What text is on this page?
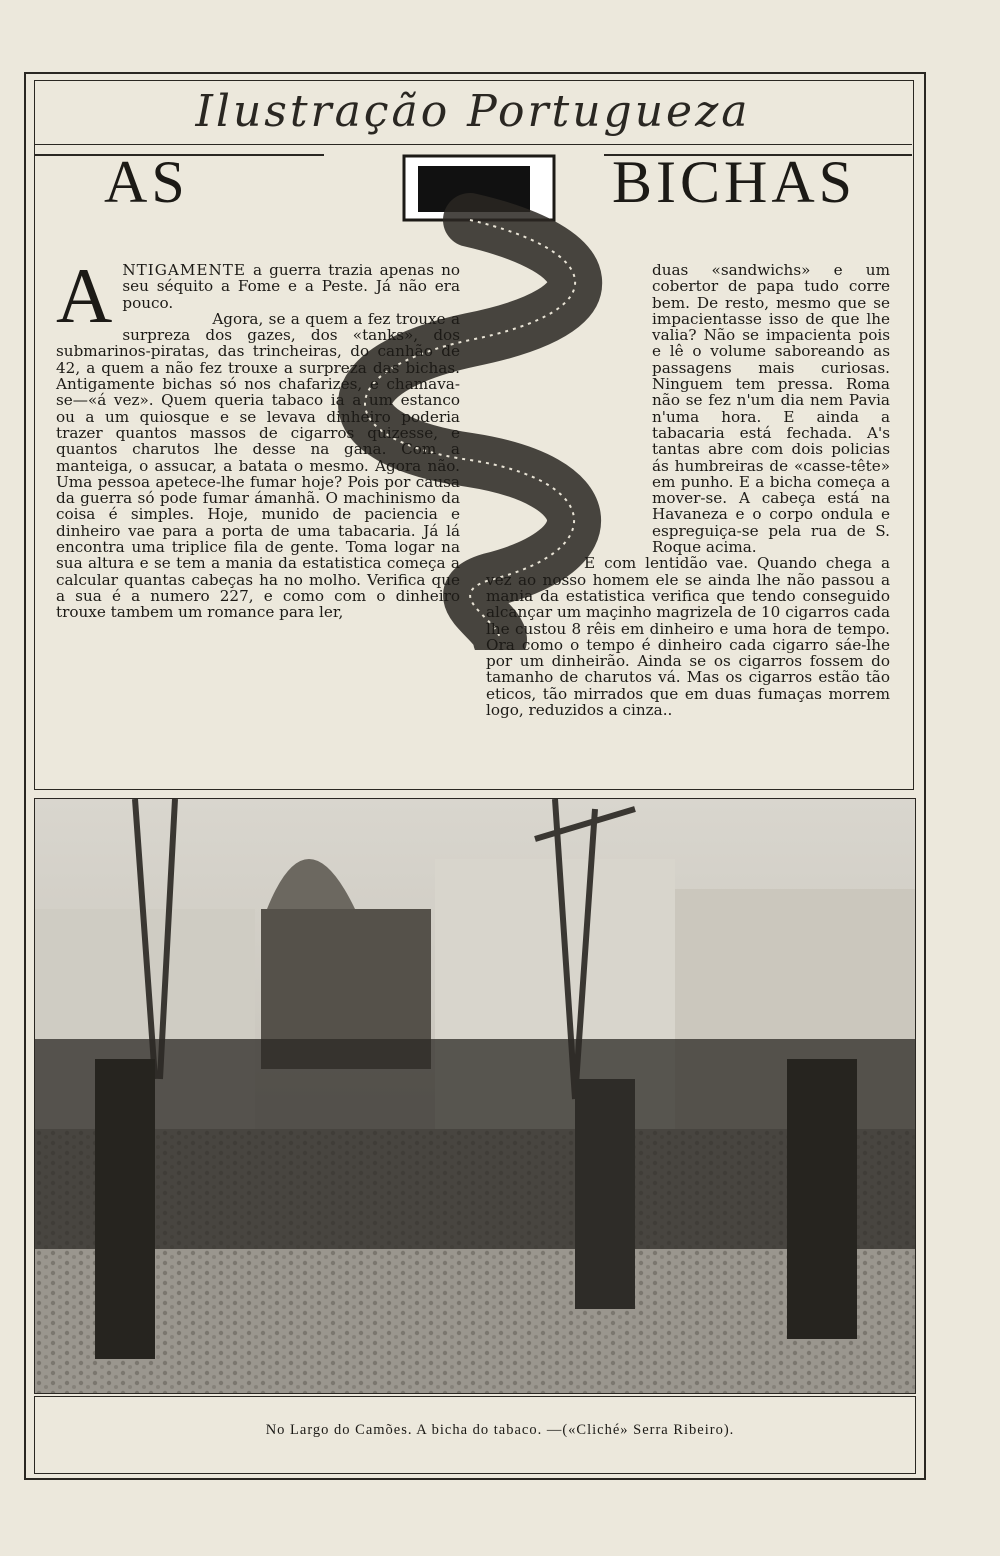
Ilustração Portugueza
AS	BICHAS

A NTIGAMENTE a guerra trazia apenas no seu séquito a Fome e a Peste. Já não era pouco.

Agora, se a quem a fez trouxe a surpreza dos gazes, dos «tanks», dos submarinos-piratas, das trincheiras, do canhão de 42, a quem a não fez trouxe a surpreza das bichas. Antigamente bichas só nos chafarizes, e chamava-se—«á vez». Quem queria tabaco ia a um estanco ou a um quiosque e se levava dinheiro poderia trazer quantos massos de cigarros quizesse, e quantos charutos lhe desse na gana. Com a manteiga, o assucar, a batata o mesmo. Agora não. Uma pessoa apetece-lhe fumar hoje? Pois por causa da guerra só pode fumar ámanhã. O machinismo da coisa é simples. Hoje, munido de paciencia e dinheiro vae para a porta de uma tabacaria. Já lá encontra uma triplice fila de gente. Toma logar na sua altura e se tem a mania da estatistica começa a calcular quantas cabeças ha no molho. Verifica que a sua é a numero 227, e como com o dinheiro trouxe tambem um romance para ler,

duas «sandwichs» e um cobertor de papa tudo corre bem. De resto, mesmo que se impacientasse isso de que lhe valia? Não se impacienta pois e lê o volume saboreando as passagens mais curiosas. Ninguem tem pressa. Roma não se fez n'um dia nem Pavia n'uma hora. E ainda a tabacaria está fechada. A's tantas abre com dois policias ás humbreiras de «casse-tête» em punho. E a bicha começa a mover-se. A cabeça está na Havaneza e o corpo ondula e espreguiça-se pela rua de S. Roque acima.

E com lentidão vae. Quando chega a vez ao nosso homem ele se ainda lhe não passou a mania da estatistica verifica que tendo conseguido alcançar um maçinho magrizela de 10 cigarros cada lhe custou 8 rêis em dinheiro e uma hora de tempo. Ora como o tempo é dinheiro cada cigarro sáe-lhe por um dinheirão. Ainda se os cigarros fossem do tamanho de charutos vá. Mas os cigarros estão tão eticos, tão mirrados que em duas fumaças morrem logo, reduzidos a cinza..

No Largo do Camões. A bicha do tabaco. —(«Cliché» Serra Ribeiro).
